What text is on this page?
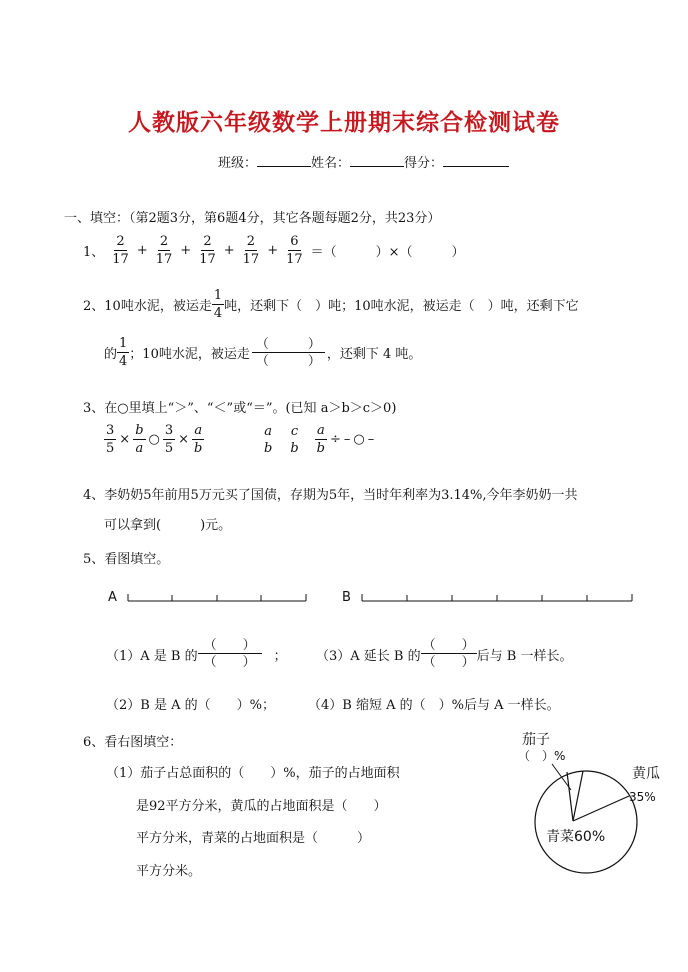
人教版六年级数学上册期末综合检测试卷
班级：	姓名：	得分：
一、填空：（第2题3分，第6题4分，其它各题每题2分，共23分）
1、 $\frac{2}{17} + \frac{2}{17} + \frac{2}{17} + \frac{2}{17} + \frac{6}{17}$ ＝（　　　）×（　　　）
2、10吨水泥，被运走 $\frac{1}{4}$ 吨，还剩下（　）吨；10吨水泥，被运走（　）吨，还剩下它
的 $\frac{1}{4}$ ；10吨水泥，被运走 $\frac{( )}{( )}$ ，还剩下 4 吨。
3、在○里填上“＞”、“＜”或“＝”。(已知 a＞b＞c＞0)
$\frac{3}{5} \times \frac{b}{a}$ ○ $\frac{3}{5} \times \frac{a}{b}$	a
b
c
b $\frac{a}{b}$ ÷ – ○ –
4、李奶奶5年前用5万元买了国债，存期为5年，当时年利率为3.14%,今年李奶奶一共
可以拿到(　　　)元。
5、看图填空。
A	B
（1）A 是 B 的 $\frac{( )}{( )}$ ； （3）A 延长 B 的 $\frac{( )}{( )}$ 后与 B 一样长。
（2）B 是 A 的（　　）%；	（4）B 缩短 A 的（　）%后与 A 一样长。
6、看右图填空：
（1）茄子占总面积的（　　）%，茄子的占地面积
是92平方分米，黄瓜的占地面积是（　　）
平方分米，青菜的占地面积是（　　　）
平方分米。
茄子
（　）%
黄瓜
35%
青菜60%
